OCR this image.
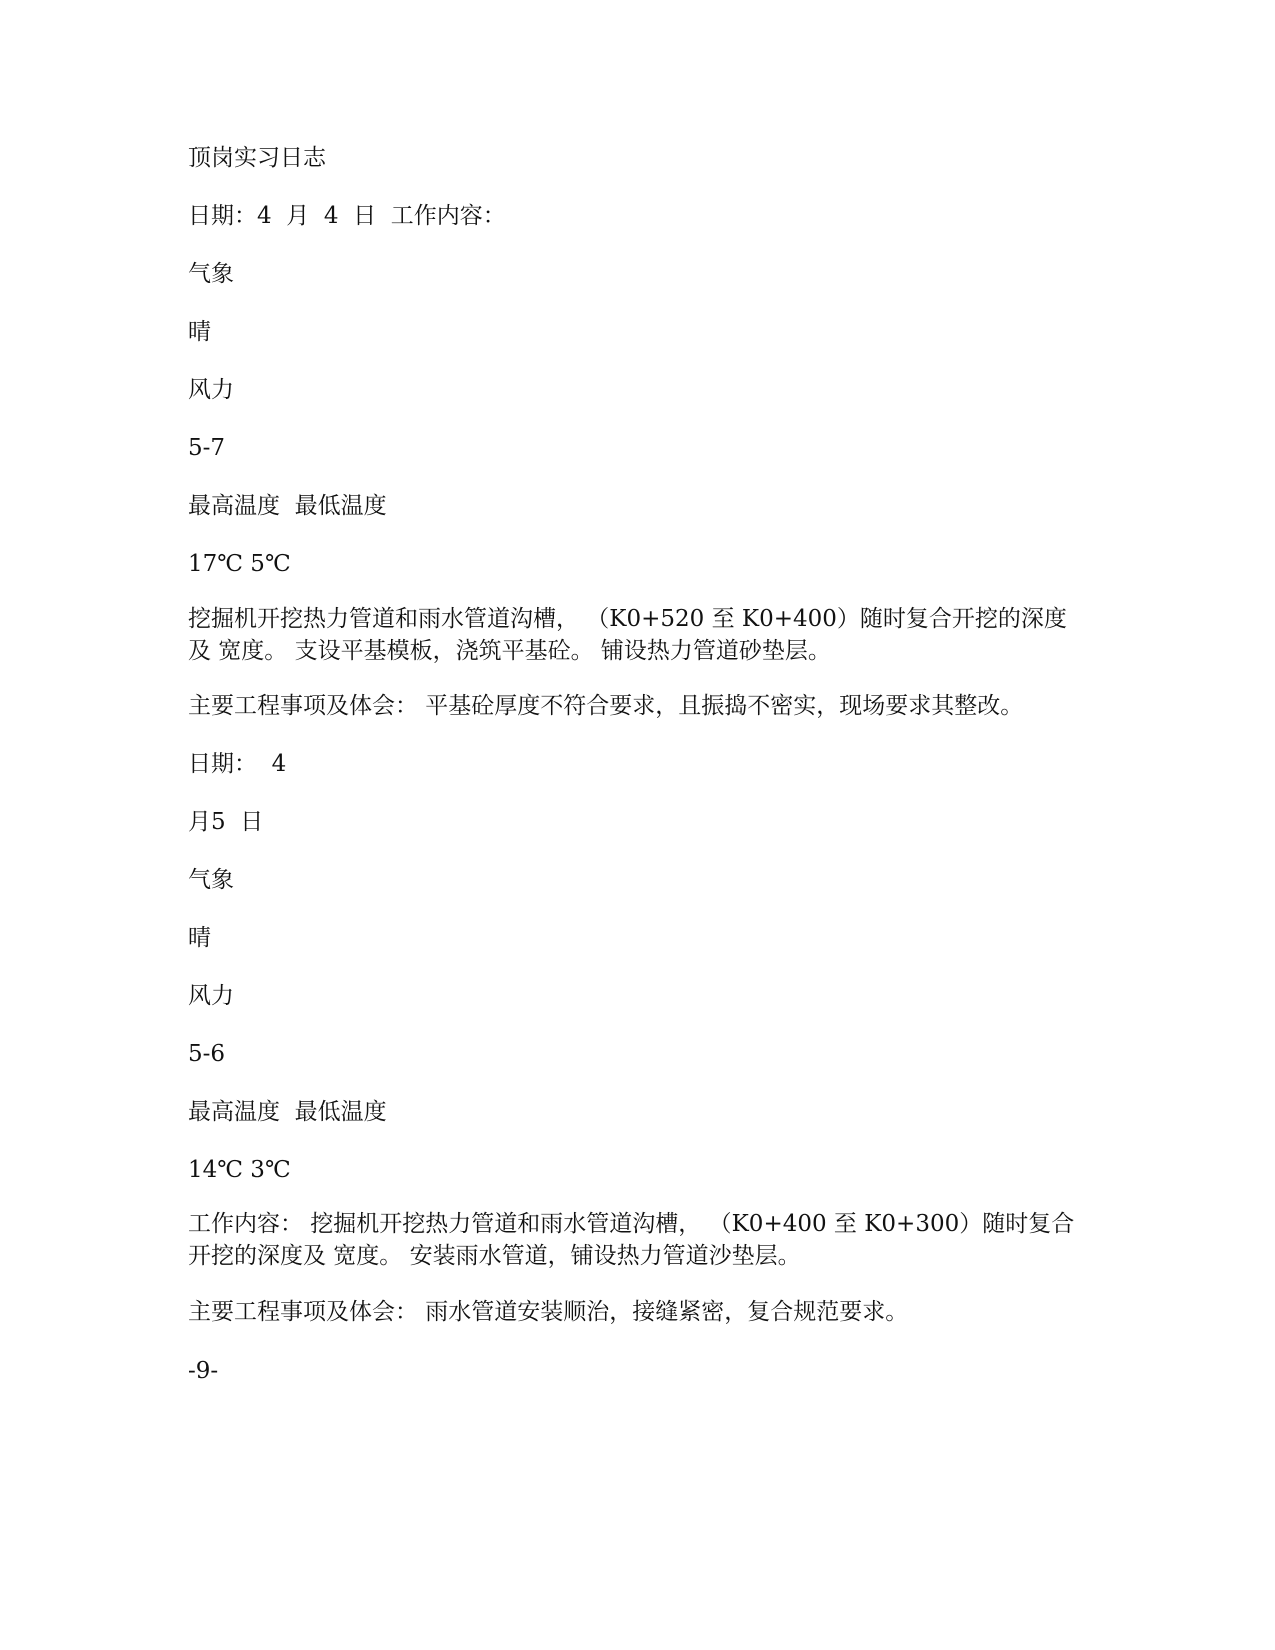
顶岗实习日志

日期：4  月  4  日  工作内容：

气象

晴

风力

5-7

最高温度  最低温度

17℃ 5℃

挖掘机开挖热力管道和雨水管道沟槽， （K0+520 至 K0+400）随时复合开挖的深度及 宽度。 支设平基模板，浇筑平基砼。 铺设热力管道砂垫层。

主要工程事项及体会： 平基砼厚度不符合要求，且振捣不密实，现场要求其整改。

日期：  4

月5  日

气象

晴

风力

5-6

最高温度  最低温度

14℃ 3℃

工作内容： 挖掘机开挖热力管道和雨水管道沟槽， （K0+400 至 K0+300）随时复合开挖的深度及 宽度。 安装雨水管道，铺设热力管道沙垫层。

主要工程事项及体会： 雨水管道安装顺治，接缝紧密，复合规范要求。

-9-
